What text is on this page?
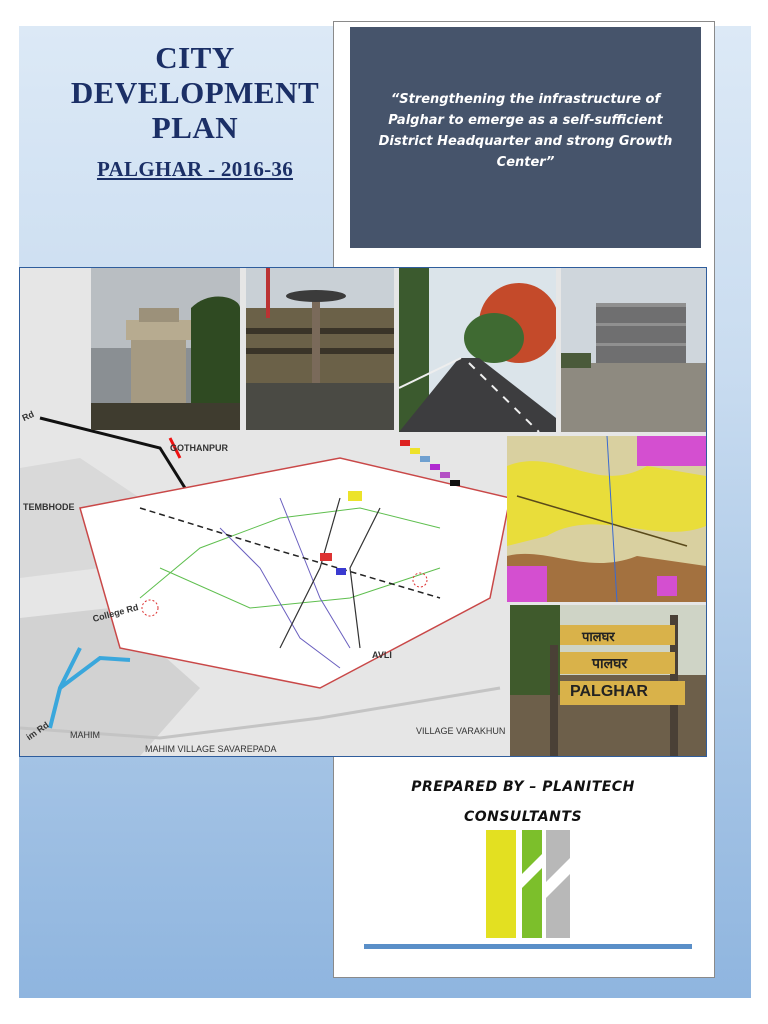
CITY
DEVELOPMENT
PLAN
PALGHAR - 2016-36
“Strengthening the infrastructure of Palghar to emerge as a self-sufficient District Headquarter and strong Growth Center”
Rd
GOTHANPUR
TEMBHODE
College Rd
im Rd MAHIM
MAHIM VILLAGE SAVAREPADA
AVLI
VILLAGE VARAKHUN
पालघर
पालघर
PALGHAR
PREPARED BY – PLANITECH
CONSULTANTS
